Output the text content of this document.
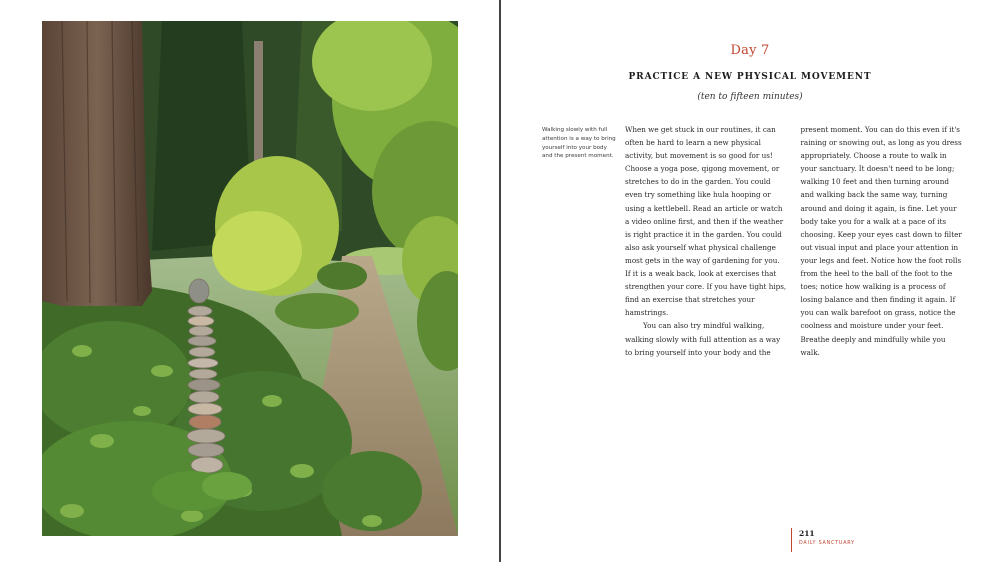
Day 7
PRACTICE A NEW PHYSICAL MOVEMENT

(ten to fifteen minutes)

Walking slowly with full attention is a way to bring yourself into your body and the present moment.

When we get stuck in our routines, it can often be hard to learn a new physical activity, but movement is so good for us! Choose a yoga pose, qigong movement, or stretches to do in the garden. You could even try something like hula hooping or using a kettlebell. Read an article or watch a video online first, and then if the weather is right practice it in the garden. You could also ask yourself what physical challenge most gets in the way of gardening for you. If it is a weak back, look at exercises that strengthen your core. If you have tight hips, find an exercise that stretches your hamstrings.

You can also try mindful walking, walking slowly with full attention as a way to bring yourself into your body and the present moment. You can do this even if it's raining or snowing out, as long as you dress appropriately. Choose a route to walk in your sanctuary. It doesn't need to be long; walking 10 feet and then turning around and walking back the same way, turning around and doing it again, is fine. Let your body take you for a walk at a pace of its choosing. Keep your eyes cast down to filter out visual input and place your attention in your legs and feet. Notice how the foot rolls from the heel to the ball of the foot to the toes; notice how walking is a process of losing balance and then finding it again. If you can walk barefoot on grass, notice the coolness and moisture under your feet. Breathe deeply and mindfully while you walk.

211

DAILY SANCTUARY
